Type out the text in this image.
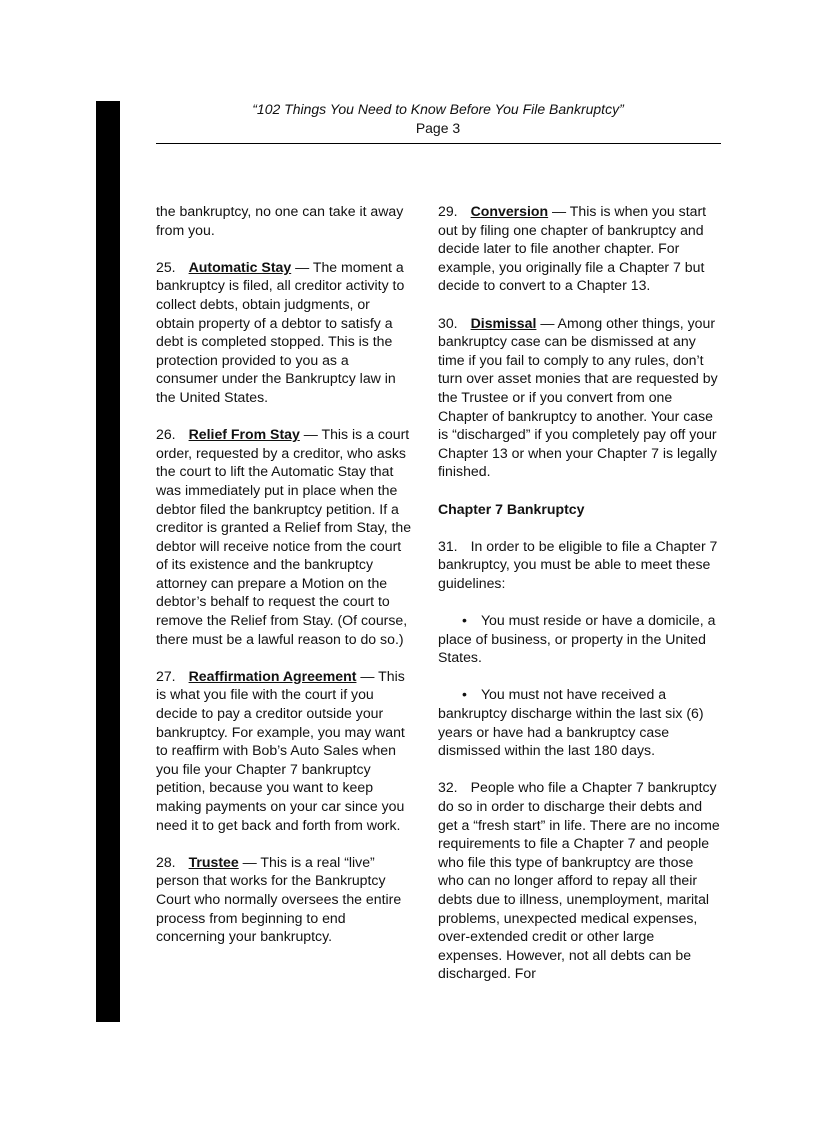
“102 Things You Need to Know Before You File Bankruptcy”
Page 3

the bankruptcy, no one can take it away from you.

25. Automatic Stay — The moment a bankruptcy is filed, all creditor activity to collect debts, obtain judgments, or obtain property of a debtor to satisfy a debt is completed stopped. This is the protection provided to you as a consumer under the Bankruptcy law in the United States.

26. Relief From Stay — This is a court order, requested by a creditor, who asks the court to lift the Automatic Stay that was immediately put in place when the debtor filed the bankruptcy petition. If a creditor is granted a Relief from Stay, the debtor will receive notice from the court of its existence and the bankruptcy attorney can prepare a Motion on the debtor’s behalf to request the court to remove the Relief from Stay. (Of course, there must be a lawful reason to do so.)

27. Reaffirmation Agreement — This is what you file with the court if you decide to pay a creditor outside your bankruptcy. For example, you may want to reaffirm with Bob’s Auto Sales when you file your Chapter 7 bankruptcy petition, because you want to keep making payments on your car since you need it to get back and forth from work.

28. Trustee — This is a real “live” person that works for the Bankruptcy Court who normally oversees the entire process from beginning to end concerning your bankruptcy.

29. Conversion — This is when you start out by filing one chapter of bankruptcy and decide later to file another chapter. For example, you originally file a Chapter 7 but decide to convert to a Chapter 13.

30. Dismissal — Among other things, your bankruptcy case can be dismissed at any time if you fail to comply to any rules, don’t turn over asset monies that are requested by the Trustee or if you convert from one Chapter of bankruptcy to another. Your case is “discharged” if you completely pay off your Chapter 13 or when your Chapter 7 is legally finished.

Chapter 7 Bankruptcy

31. In order to be eligible to file a Chapter 7 bankruptcy, you must be able to meet these guidelines:

• You must reside or have a domicile, a place of business, or property in the United States.

• You must not have received a bankruptcy discharge within the last six (6) years or have had a bankruptcy case dismissed within the last 180 days.

32. People who file a Chapter 7 bankruptcy do so in order to discharge their debts and get a “fresh start” in life. There are no income requirements to file a Chapter 7 and people who file this type of bankruptcy are those who can no longer afford to repay all their debts due to illness, unemployment, marital problems, unexpected medical expenses, over-extended credit or other large expenses. However, not all debts can be discharged. For
